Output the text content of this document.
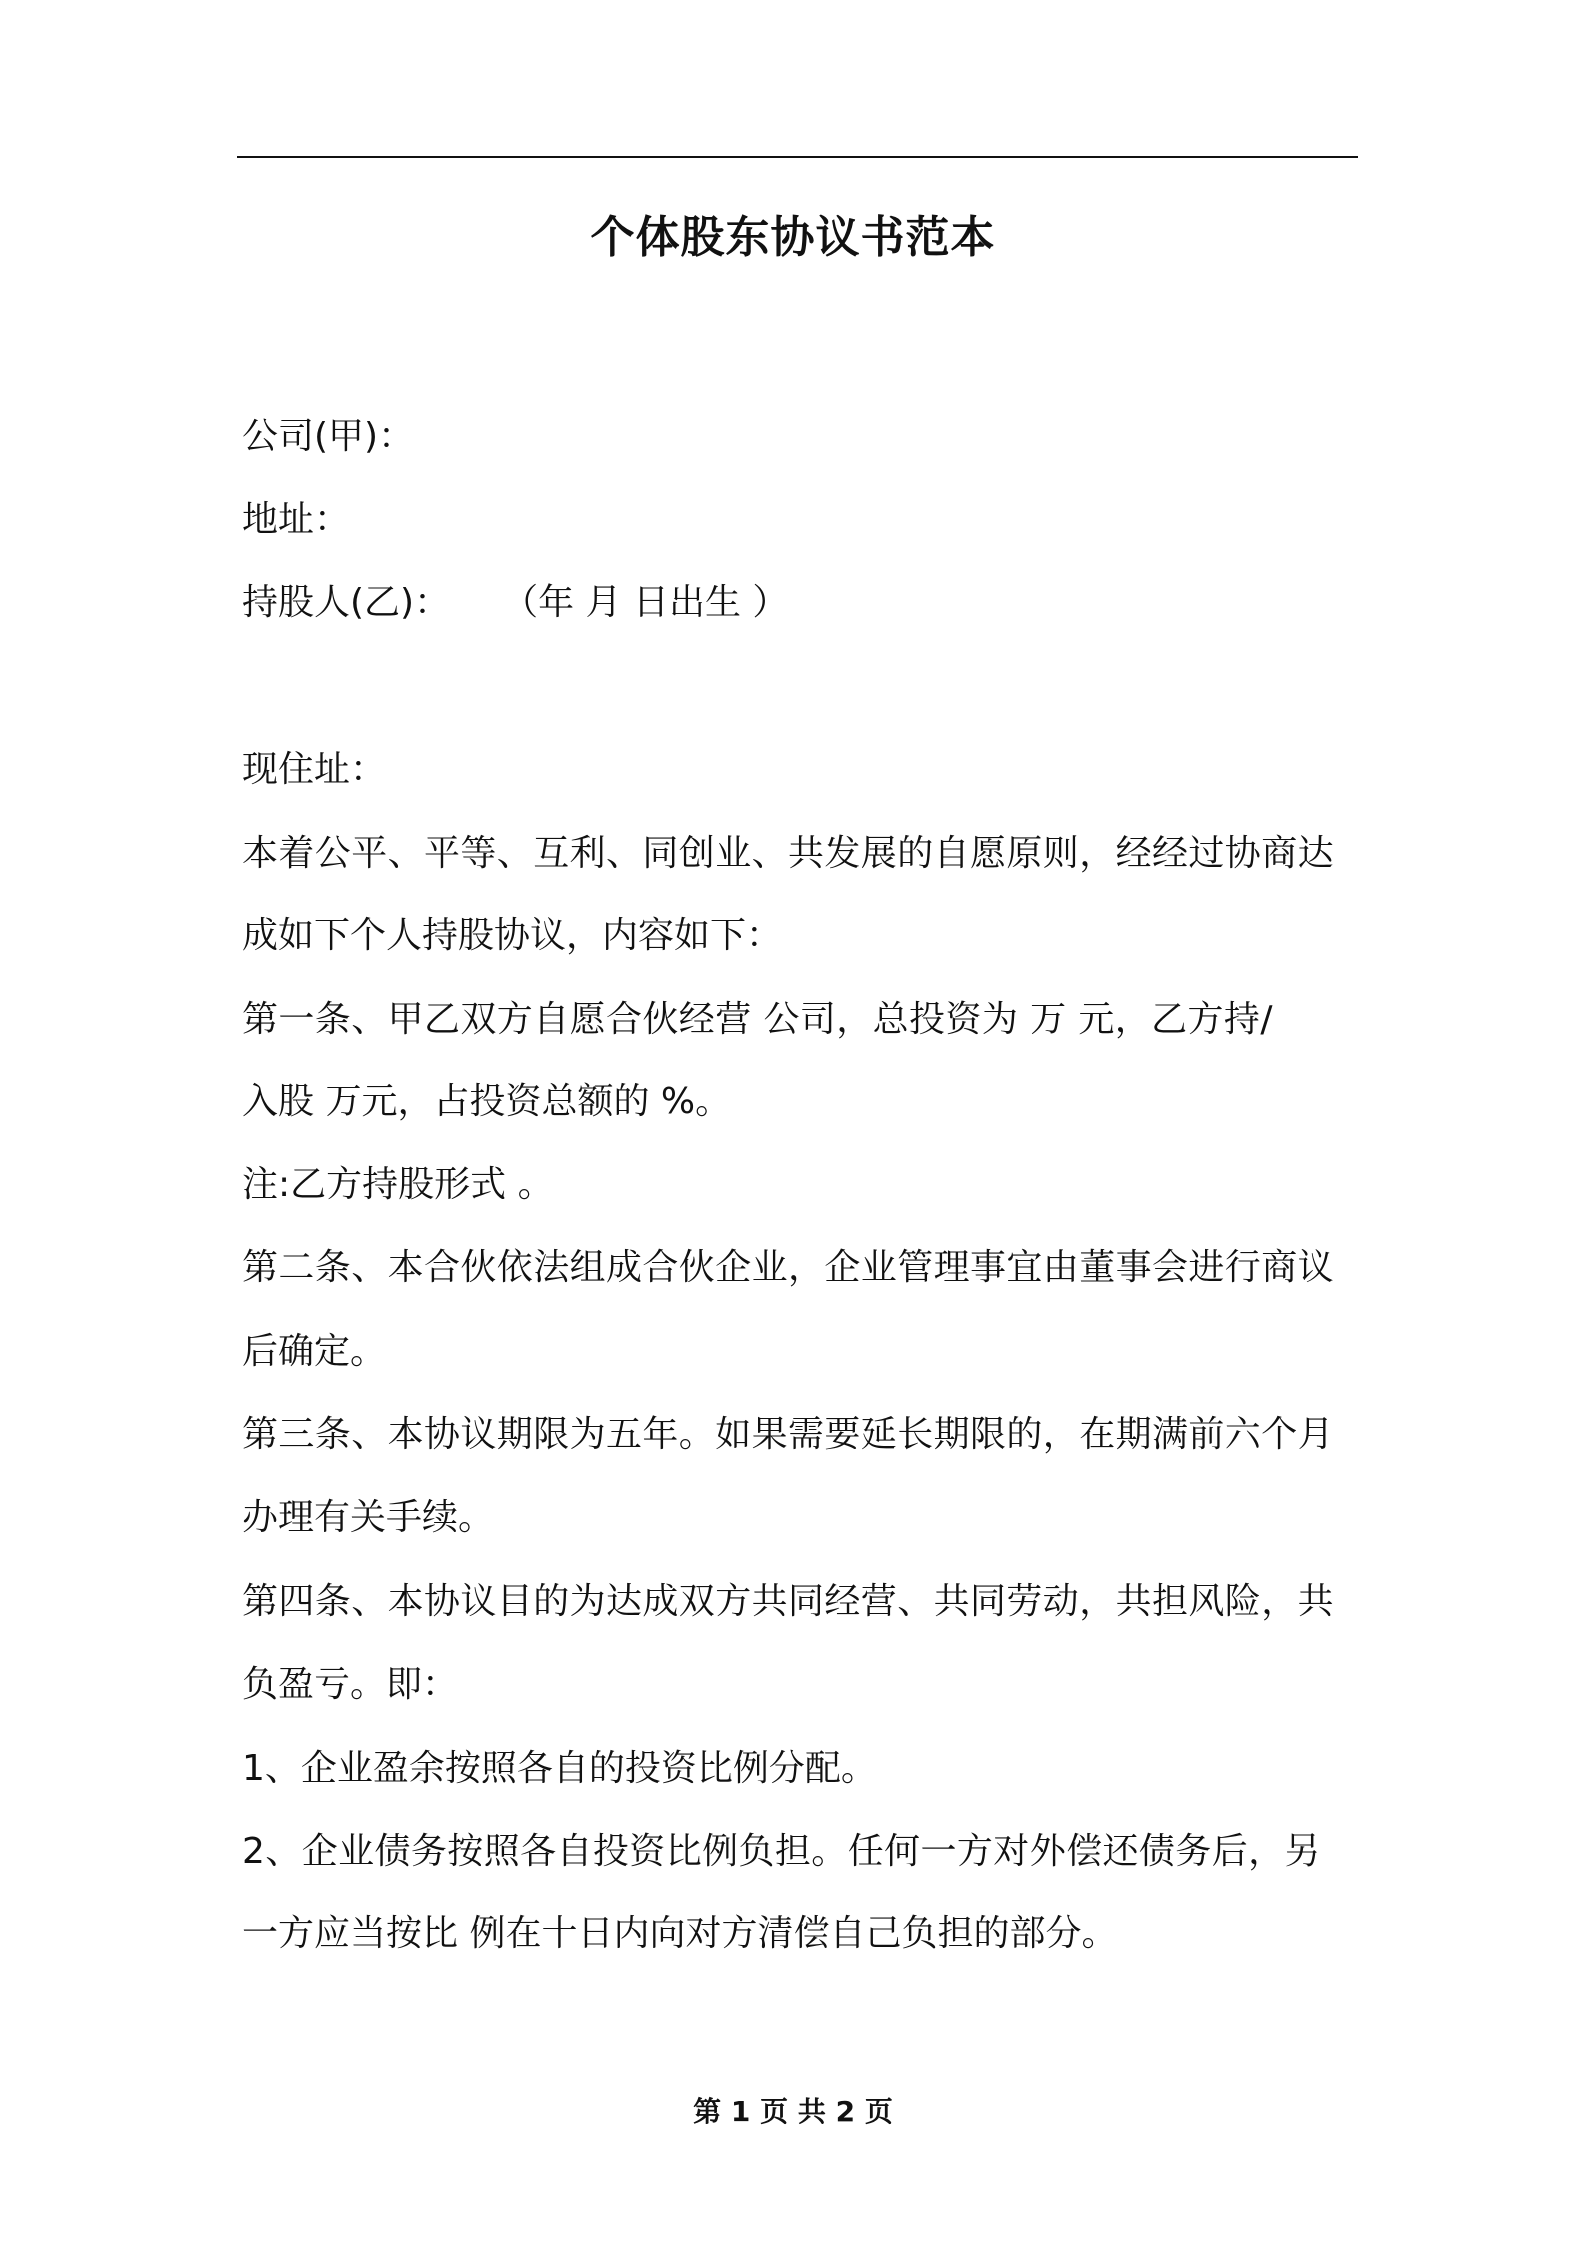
个体股东协议书范本
公司(甲)：
地址：
持股人(乙)： （年 月 日出生 ）
现住址：
本着公平、平等、互利、同创业、共发展的自愿原则，经经过协商达
成如下个人持股协议，内容如下：
第一条、甲乙双方自愿合伙经营 公司，总投资为 万 元，乙方持/
入股 万元，占投资总额的 %。
注:乙方持股形式 。
第二条、本合伙依法组成合伙企业，企业管理事宜由董事会进行商议
后确定。
第三条、本协议期限为五年。如果需要延长期限的，在期满前六个月
办理有关手续。
第四条、本协议目的为达成双方共同经营、共同劳动，共担风险，共
负盈亏。即：
1、企业盈余按照各自的投资比例分配。
2、企业债务按照各自投资比例负担。任何一方对外偿还债务后，另
一方应当按比 例在十日内向对方清偿自己负担的部分。
第 1 页 共 2 页
